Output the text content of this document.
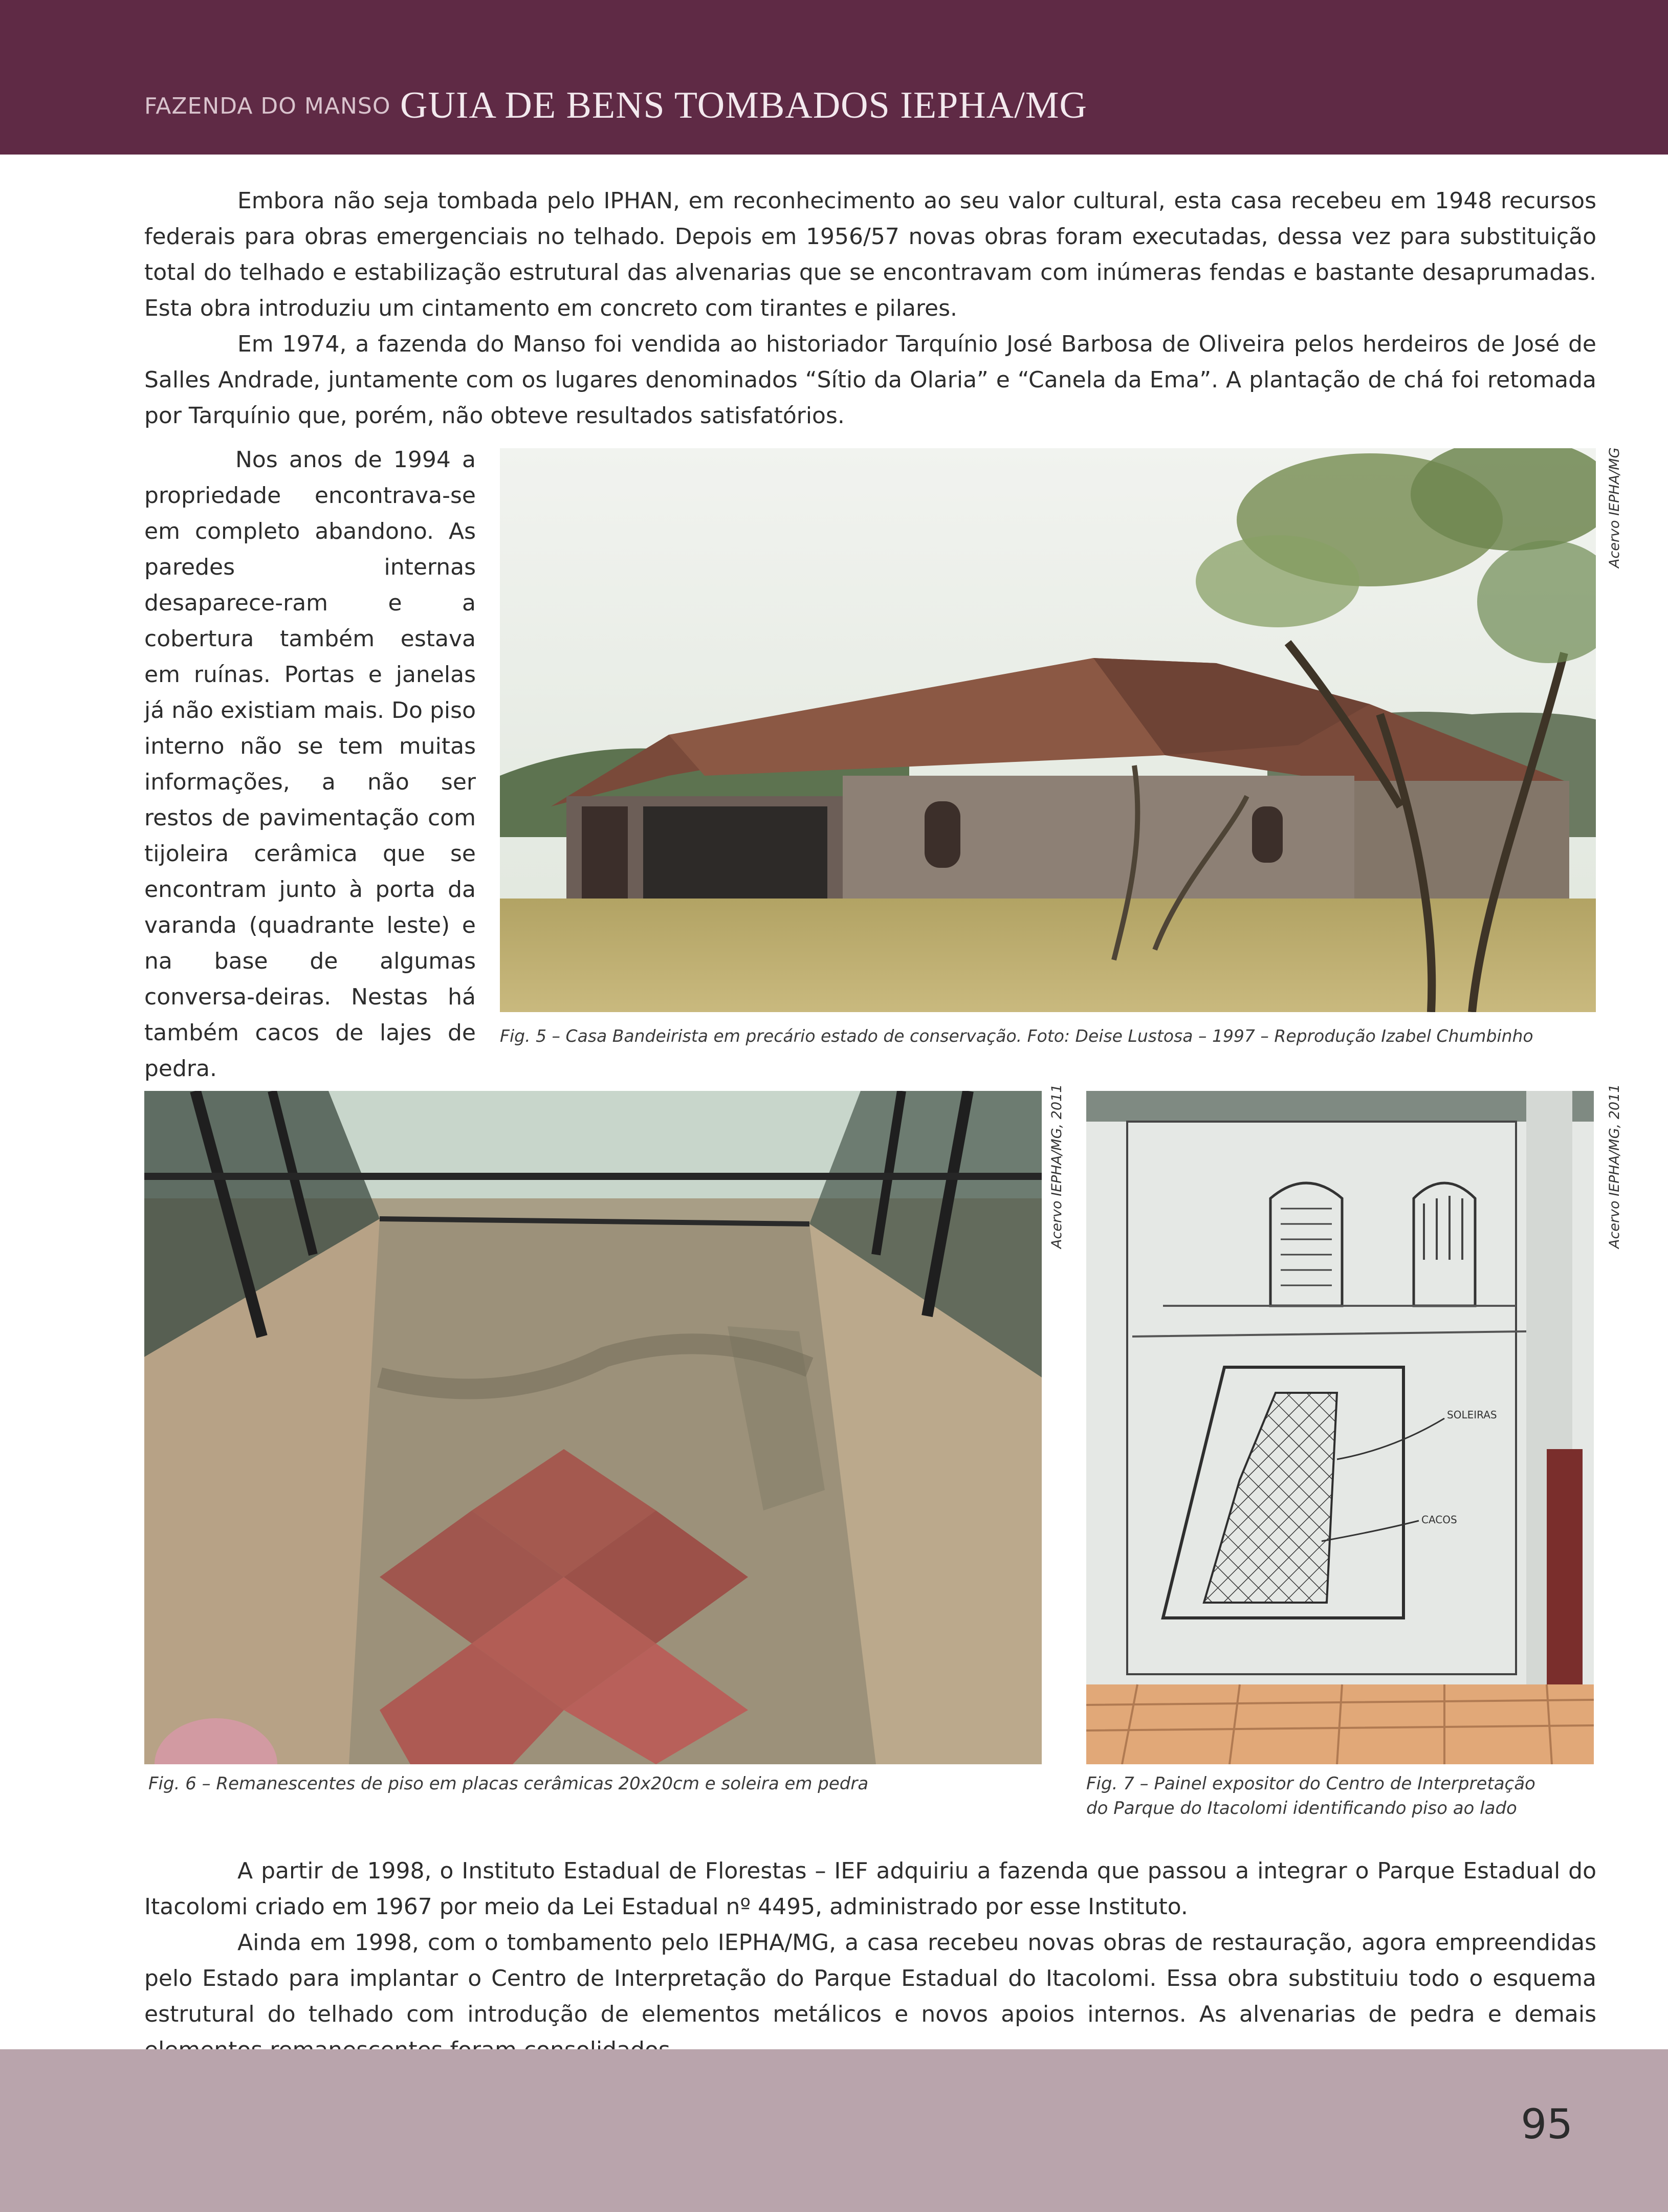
FAZENDA DO MANSO GUIA DE BENS TOMBADOS IEPHA/MG

Embora não seja tombada pelo IPHAN, em reconhecimento ao seu valor cultural, esta casa recebeu em 1948 recursos federais para obras emergenciais no telhado. Depois em 1956/57 novas obras foram executadas, dessa vez para substituição total do telhado e estabilização estrutural das alvenarias que se encontravam com inúmeras fendas e bastante desaprumadas. Esta obra introduziu um cintamento em concreto com tirantes e pilares.

Em 1974, a fazenda do Manso foi vendida ao historiador Tarquínio José Barbosa de Oliveira pelos herdeiros de José de Salles Andrade, juntamente com os lugares denominados “Sítio da Olaria” e “Canela da Ema”. A plantação de chá foi retomada por Tarquínio que, porém, não obteve resultados satisfatórios.

Nos anos de 1994 a propriedade encontrava-se em completo abandono. As paredes internas desaparece-ram e a cobertura também estava em ruínas. Portas e janelas já não existiam mais. Do piso interno não se tem muitas informações, a não ser restos de pavimentação com tijoleira cerâmica que se encontram junto à porta da varanda (quadrante leste) e na base de algumas conversa-deiras. Nestas há também cacos de lajes de pedra.

Acervo IEPHA/MG

Fig. 5 – Casa Bandeirista em precário estado de conservação. Foto: Deise Lustosa – 1997 – Reprodução Izabel Chumbinho

Acervo IEPHA/MG, 2011

Fig. 6 – Remanescentes de piso em placas cerâmicas 20x20cm e soleira em pedra

SOLEIRAS
CACOS
Acervo IEPHA/MG, 2011

Fig. 7 – Painel expositor do Centro de Interpretação

do Parque do Itacolomi identificando piso ao lado

A partir de 1998, o Instituto Estadual de Florestas – IEF adquiriu a fazenda que passou a integrar o Parque Estadual do Itacolomi criado em 1967 por meio da Lei Estadual nº 4495, administrado por esse Instituto.

Ainda em 1998, com o tombamento pelo IEPHA/MG, a casa recebeu novas obras de restauração, agora empreendidas pelo Estado para implantar o Centro de Interpretação do Parque Estadual do Itacolomi. Essa obra substituiu todo o esquema estrutural do telhado com introdução de elementos metálicos e novos apoios internos. As alvenarias de pedra e demais

95
